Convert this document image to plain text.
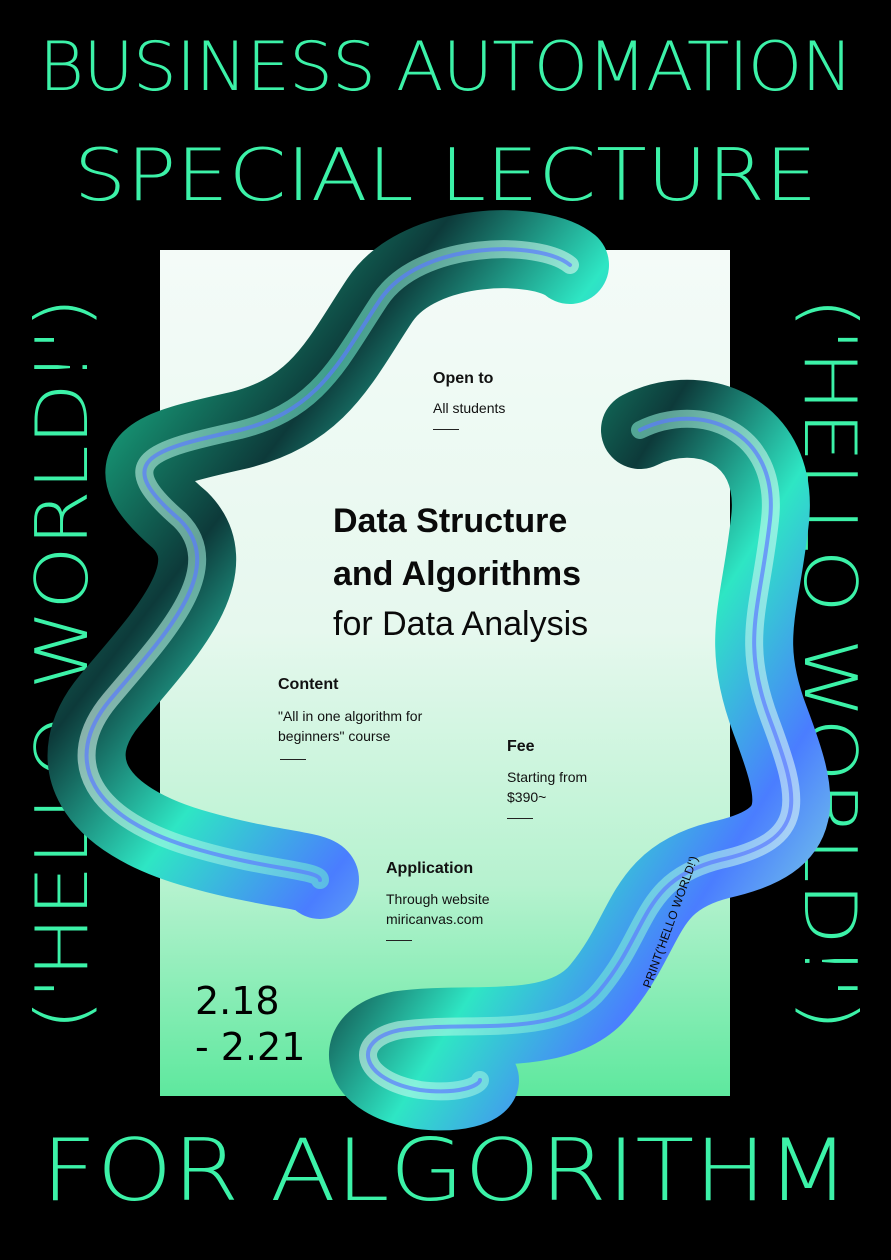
BUSINESS AUTOMATION
SPECIAL LECTURE
('HELLO WORLD!')	('HELLO WORLD!')
FOR ALGORITHM
Open to
All students
Data Structure
and Algorithms
for Data Analysis
Content
"All in one algorithm for
beginners" course
Fee
Starting from
$390~
Application
Through website
miricanvas.com
2.18
- 2.21
PRINT('HELLO WORLD!')
